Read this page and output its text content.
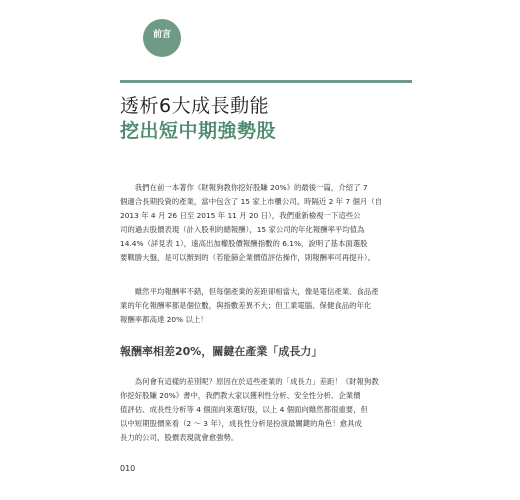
前言
透析6大成長動能
挖出短中期強勢股
　　我們在前一本著作《財報狗教你挖好股賺 20%》的最後一篇，介紹了 7
個適合長期投資的產業，當中包含了 15 家上市櫃公司。時隔近 2 年 7 個月（自
2013 年 4 月 26 日至 2015 年 11 月 20 日），我們重新檢視一下這些公
司的過去股價表現（計入股利的總報酬），15 家公司的年化報酬率平均值為
14.4%（詳見表 1），遠高出加權股價報酬指數的 6.1%，說明了基本面選股
要戰勝大盤，是可以辦到的（若能篩企業價值評估操作，則報酬率可再提升）。
　　雖然平均報酬率不錯，但每個產業的差距卻相當大，像是電信產業、食品產
業的年化報酬率都是個位數，與指數差異不大；但工業電腦、保健食品的年化
報酬率都高達 20% 以上！
報酬率相差20%，關鍵在產業「成長力」
　　為何會有這樣的差別呢？原因在於這些產業的「成長力」差距！《財報狗教
你挖好股賺 20%》書中，我們教大家以獲利性分析、安全性分析、企業價
值評估、成長性分析等 4 個面向來選好股，以上 4 個面向雖然都很重要，但
以中短期股價來看（2 ～ 3 年），成長性分析是扮演最關鍵的角色！愈具成
長力的公司，股價表現就會愈強勢。
010
